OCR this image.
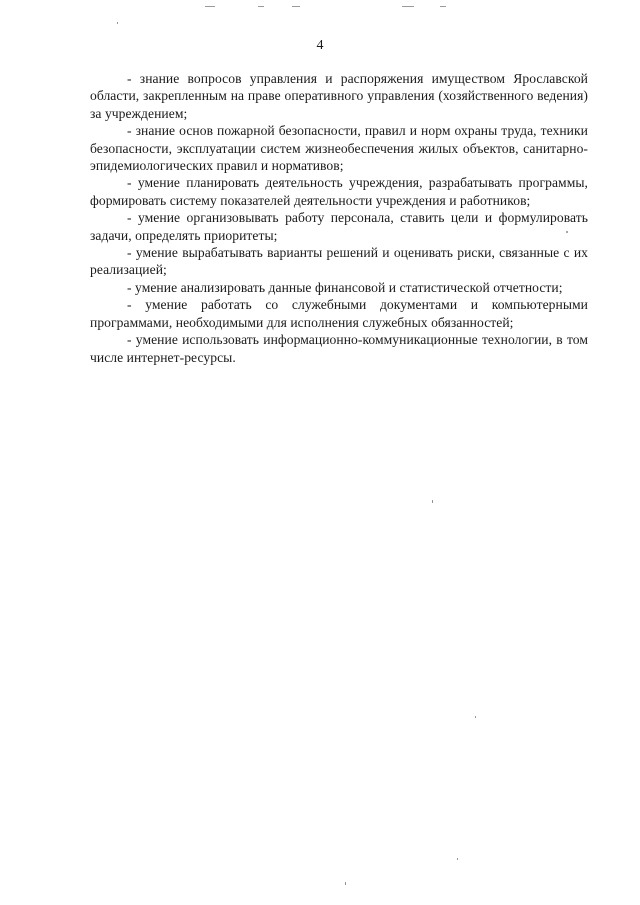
4

- знание вопросов управления и распоряжения имуществом Ярославской области, закрепленным на праве оперативного управления (хозяйственного ведения) за учреждением;

- знание основ пожарной безопасности, правил и норм охраны труда, техники безопасности, эксплуатации систем жизнеобеспечения жилых объектов, санитарно-эпидемиологических правил и нормативов;

- умение планировать деятельность учреждения, разрабатывать программы, формировать систему показателей деятельности учреждения и работников;

- умение организовывать работу персонала, ставить цели и формулировать задачи, определять приоритеты;

- умение вырабатывать варианты решений и оценивать риски, связанные с их реализацией;

- умение анализировать данные финансовой и статистической отчетности;

- умение работать со служебными документами и компьютерными программами, необходимыми для исполнения служебных обязанностей;

- умение использовать информационно-коммуникационные технологии, в том числе интернет-ресурсы.
